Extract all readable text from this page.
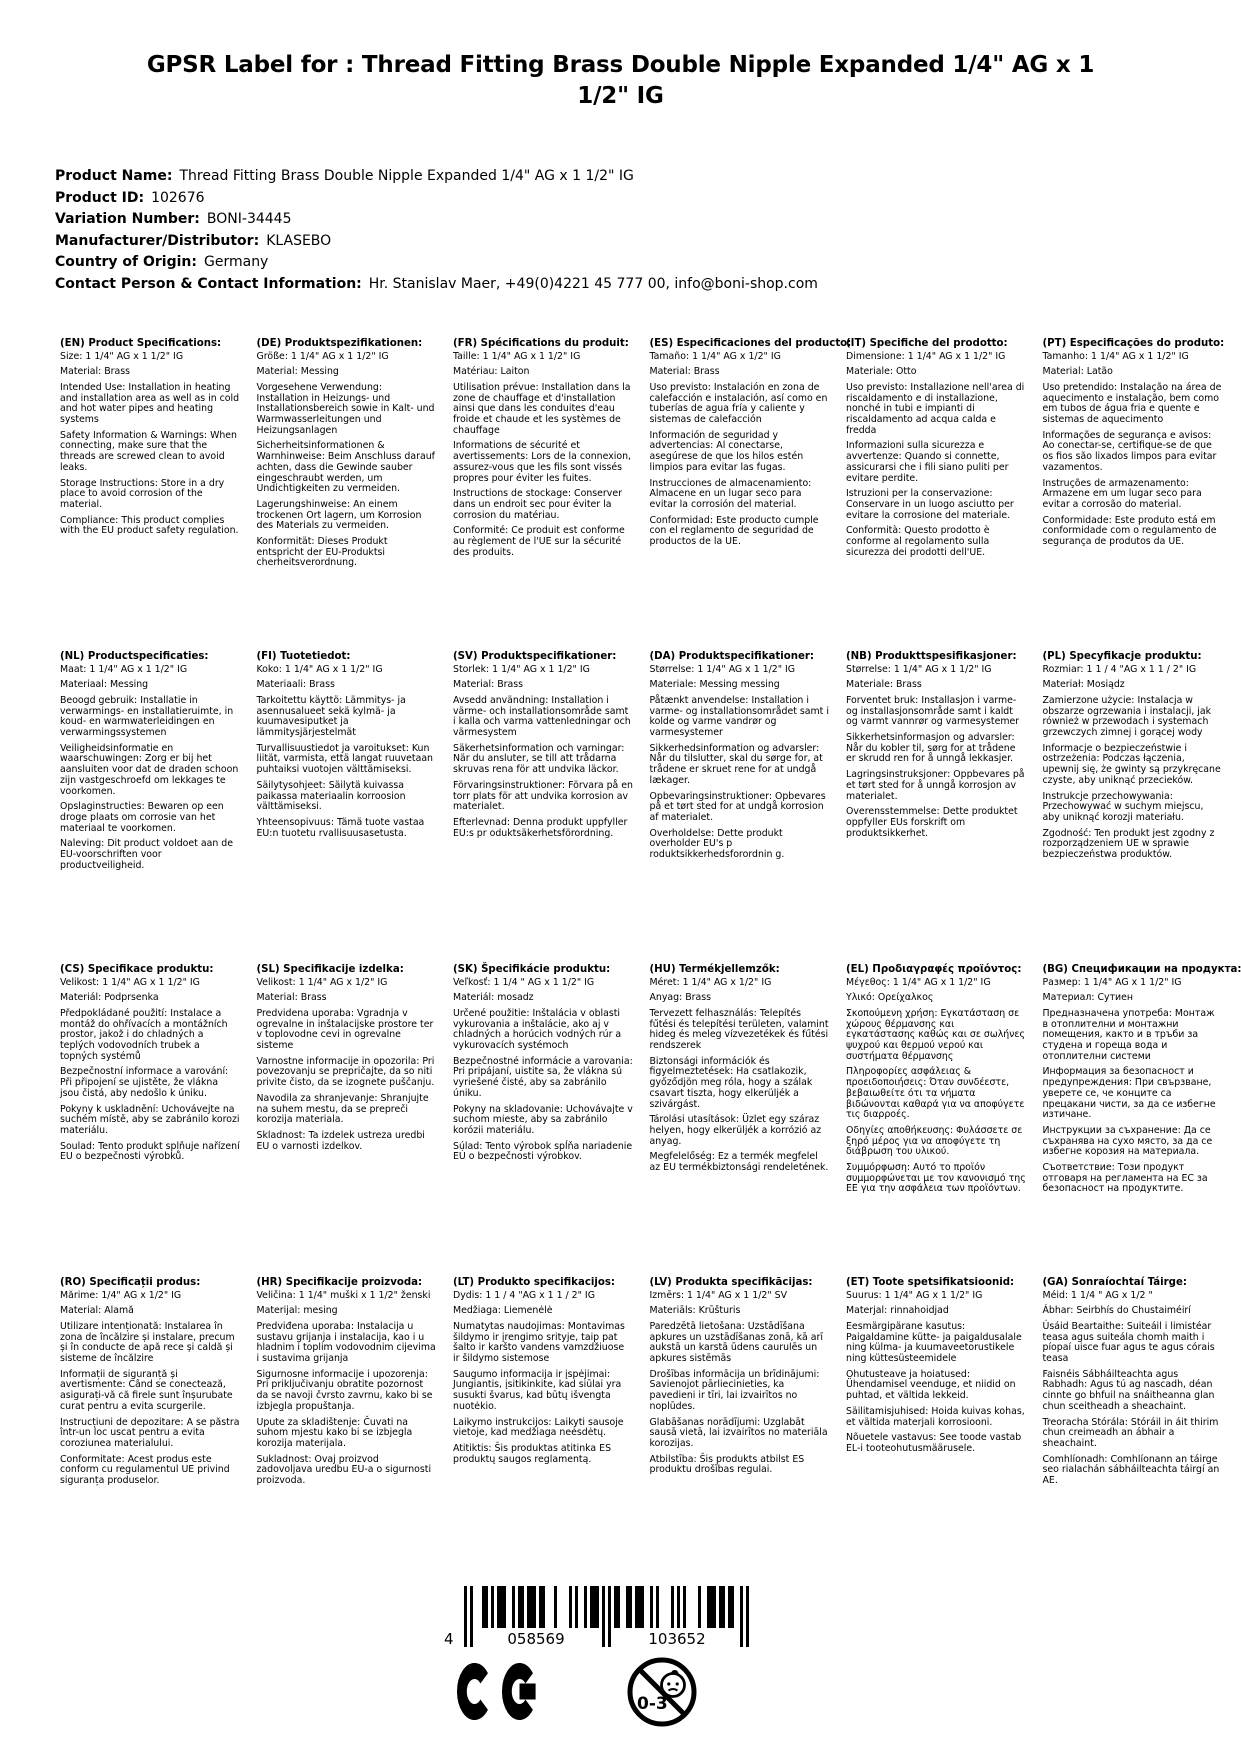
GPSR Label for : Thread Fitting Brass Double Nipple Expanded 1/4" AG x 1 1/2" IG
Product Name: Thread Fitting Brass Double Nipple Expanded 1/4" AG x 1 1/2" IG
Product ID: 102676
Variation Number: BONI-34445
Manufacturer/Distributor: KLASEBO
Country of Origin: Germany
Contact Person & Contact Information: Hr. Stanislav Maer, +49(0)4221 45 777 00, info@boni-shop.com
(EN) Product Specifications:

Size: 1 1/4" AG x 1 1/2" IG

Material: Brass

Intended Use: Installation in heating and installation area as well as in cold and hot water pipes and heating systems

Safety Information & Warnings: When connecting, make sure that the threads are screwed clean to avoid leaks.

Storage Instructions: Store in a dry place to avoid corrosion of the material.

Compliance: This product complies with the EU product safety regulation.

(DE) Produktspezifikationen:

Größe: 1 1/4" AG x 1 1/2" IG

Material: Messing

Vorgesehene Verwendung: Installation in Heizungs- und Installationsbereich sowie in Kalt- und Warmwasserleitungen und Heizungsanlagen

Sicherheitsinformationen & Warnhinweise: Beim Anschluss darauf achten, dass die Gewinde sauber eingeschraubt werden, um Undichtigkeiten zu vermeiden.

Lagerungshinweise: An einem trockenen Ort lagern, um Korrosion des Materials zu vermeiden.

Konformität: Dieses Produkt entspricht der EU-Produktsi cherheitsverordnung.

(FR) Spécifications du produit:

Taille: 1 1/4" AG x 1 1/2" IG

Matériau: Laiton

Utilisation prévue: Installation dans la zone de chauffage et d'installation ainsi que dans les conduites d'eau froide et chaude et les systèmes de chauffage

Informations de sécurité et avertissements: Lors de la connexion, assurez-vous que les fils sont vissés propres pour éviter les fuites.

Instructions de stockage: Conserver dans un endroit sec pour éviter la corrosion du matériau.

Conformité: Ce produit est conforme au règlement de l'UE sur la sécurité des produits.

(ES) Especificaciones del producto:

Tamaño: 1 1/4" AG x 1/2" IG

Material: Brass

Uso previsto: Instalación en zona de calefacción e instalación, así como en tuberías de agua fría y caliente y sistemas de calefacción

Información de seguridad y advertencias: Al conectarse, asegúrese de que los hilos estén limpios para evitar las fugas.

Instrucciones de almacenamiento: Almacene en un lugar seco para evitar la corrosión del material.

Conformidad: Este producto cumple con el reglamento de seguridad de productos de la UE.

(IT) Specifiche del prodotto:

Dimensione: 1 1/4" AG x 1 1/2" IG

Materiale: Otto

Uso previsto: Installazione nell'area di riscaldamento e di installazione, nonché in tubi e impianti di riscaldamento ad acqua calda e fredda

Informazioni sulla sicurezza e avvertenze: Quando si connette, assicurarsi che i fili siano puliti per evitare perdite.

Istruzioni per la conservazione: Conservare in un luogo asciutto per evitare la corrosione del materiale.

Conformità: Questo prodotto è conforme al regolamento sulla sicurezza dei prodotti dell'UE.

(PT) Especificações do produto:

Tamanho: 1 1/4" AG x 1 1/2" IG

Material: Latão

Uso pretendido: Instalação na área de aquecimento e instalação, bem como em tubos de água fria e quente e sistemas de aquecimento

Informações de segurança e avisos: Ao conectar-se, certifique-se de que os fios são lixados limpos para evitar vazamentos.

Instruções de armazenamento: Armazene em um lugar seco para evitar a corrosão do material.

Conformidade: Este produto está em conformidade com o regulamento de segurança de produtos da UE.

(NL) Productspecificaties:

Maat: 1 1/4" AG x 1 1/2" IG

Materiaal: Messing

Beoogd gebruik: Installatie in verwarmings- en installatieruimte, in koud- en warmwaterleidingen en verwarmingssystemen

Veiligheidsinformatie en waarschuwingen: Zorg er bij het aansluiten voor dat de draden schoon zijn vastgeschroefd om lekkages te voorkomen.

Opslaginstructies: Bewaren op een droge plaats om corrosie van het materiaal te voorkomen.

Naleving: Dit product voldoet aan de EU-voorschriften voor productveiligheid.

(FI) Tuotetiedot:

Koko: 1 1/4" AG x 1 1/2" IG

Materiaali: Brass

Tarkoitettu käyttö: Lämmitys- ja asennusalueet sekä kylmä- ja kuumavesiputket ja lämmitysjärjestelmät

Turvallisuustiedot ja varoitukset: Kun liität, varmista, että langat ruuvetaan puhtaiksi vuotojen välttämiseksi.

Säilytysohjeet: Säilytä kuivassa paikassa materiaalin korroosion välttämiseksi.

Yhteensopivuus: Tämä tuote vastaa EU:n tuotetu rvallisuusasetusta.

(SV) Produktspecifikationer:

Storlek: 1 1/4" AG x 1 1/2" IG

Material: Brass

Avsedd användning: Installation i värme- och installationsområde samt i kalla och varma vattenledningar och värmesystem

Säkerhetsinformation och varningar: När du ansluter, se till att trådarna skruvas rena för att undvika läckor.

Förvaringsinstruktioner: Förvara på en torr plats för att undvika korrosion av materialet.

Efterlevnad: Denna produkt uppfyller EU:s pr oduktsäkerhetsförordning.

(DA) Produktspecifikationer:

Størrelse: 1 1/4" AG x 1 1/2" IG

Materiale: Messing messing

Påtænkt anvendelse: Installation i varme- og installationsområdet samt i kolde og varme vandrør og varmesystemer

Sikkerhedsinformation og advarsler: Når du tilslutter, skal du sørge for, at trådene er skruet rene for at undgå lækager.

Opbevaringsinstruktioner: Opbevares på et tørt sted for at undgå korrosion af materialet.

Overholdelse: Dette produkt overholder EU's p roduktsikkerhedsforordnin g.

(NB) Produkttspesifikasjoner:

Størrelse: 1 1/4" AG x 1 1/2" IG

Materiale: Brass

Forventet bruk: Installasjon i varme- og installasjonsområde samt i kaldt og varmt vannrør og varmesystemer

Sikkerhetsinformasjon og advarsler: Når du kobler til, sørg for at trådene er skrudd ren for å unngå lekkasjer.

Lagringsinstruksjoner: Oppbevares på et tørt sted for å unngå korrosjon av materialet.

Overensstemmelse: Dette produktet oppfyller EUs forskrift om produktsikkerhet.

(PL) Specyfikacje produktu:

Rozmiar: 1 1 / 4 "AG x 1 1 / 2" IG

Materiał: Mosiądz

Zamierzone użycie: Instalacja w obszarze ogrzewania i instalacji, jak również w przewodach i systemach grzewczych zimnej i gorącej wody

Informacje o bezpieczeństwie i ostrzeżenia: Podczas łączenia, upewnij się, że gwinty są przykręcane czyste, aby uniknąć przecieków.

Instrukcje przechowywania: Przechowywać w suchym miejscu, aby uniknąć korozji materiału.

Zgodność: Ten produkt jest zgodny z rozporządzeniem UE w sprawie bezpieczeństwa produktów.

(CS) Specifikace produktu:

Velikost: 1 1/4" AG x 1 1/2" IG

Materiál: Podprsenka

Předpokládané použití: Instalace a montáž do ohřívacích a montážních prostor, jakož i do chladných a teplých vodovodních trubek a topných systémů

Bezpečnostní informace a varování: Při připojení se ujistěte, že vlákna jsou čistá, aby nedošlo k úniku.

Pokyny k uskladnění: Uchovávejte na suchém místě, aby se zabránilo korozi materiálu.

Soulad: Tento produkt splňuje nařízení EU o bezpečnosti výrobků.

(SL) Specifikacije izdelka:

Velikost: 1 1/4" AG x 1/2" IG

Material: Brass

Predvidena uporaba: Vgradnja v ogrevalne in inštalacijske prostore ter v toplovodne cevi in ogrevalne sisteme

Varnostne informacije in opozorila: Pri povezovanju se prepričajte, da so niti privite čisto, da se izognete puščanju.

Navodila za shranjevanje: Shranjujte na suhem mestu, da se prepreči korozija materiala.

Skladnost: Ta izdelek ustreza uredbi EU o varnosti izdelkov.

(SK) Špecifikácie produktu:

Veľkosť: 1 1/4 " AG x 1 1/2" IG

Materiál: mosadz

Určené použitie: Inštalácia v oblasti vykurovania a inštalácie, ako aj v chladných a horúcich vodných rúr a vykurovacích systémoch

Bezpečnostné informácie a varovania: Pri pripájaní, uistite sa, že vlákna sú vyriešené čisté, aby sa zabránilo úniku.

Pokyny na skladovanie: Uchovávajte v suchom mieste, aby sa zabránilo korózii materiálu.

Súlad: Tento výrobok spĺňa nariadenie EÚ o bezpečnosti výrobkov.

(HU) Termékjellemzők:

Méret: 1 1/4" AG x 1/2" IG

Anyag: Brass

Tervezett felhasználás: Telepítés fűtési és telepítési területen, valamint hideg és meleg vízvezetékek és fűtési rendszerek

Biztonsági információk és figyelmeztetések: Ha csatlakozik, győződjön meg róla, hogy a szálak csavart tiszta, hogy elkerüljék a szivárgást.

Tárolási utasítások: Üzlet egy száraz helyen, hogy elkerüljék a korrózió az anyag.

Megfelelőség: Ez a termék megfelel az EU termékbiztonsági rendeletének.

(EL) Προδιαγραφές προϊόντος:

Μέγεθος: 1 1/4" AG x 1 1/2" IG

Υλικό: Ορείχαλκος

Σκοπούμενη χρήση: Εγκατάσταση σε χώρους θέρμανσης και εγκατάστασης καθώς και σε σωλήνες ψυχρού και θερμού νερού και συστήματα θέρμανσης

Πληροφορίες ασφάλειας & προειδοποιήσεις: Όταν συνδέεστε, βεβαιωθείτε ότι τα νήματα βιδώνονται καθαρά για να αποφύγετε τις διαρροές.

Οδηγίες αποθήκευσης: Φυλάσσετε σε ξηρό μέρος για να αποφύγετε τη διάβρωση του υλικού.

Συμμόρφωση: Αυτό το προϊόν συμμορφώνεται με τον κανονισμό της ΕΕ για την ασφάλεια των προϊόντων.

(BG) Спецификации на продукта:

Размер: 1 1/4" AG x 1 1/2" IG

Материал: Сутиен

Предназначена употреба: Монтаж в отоплителни и монтажни помещения, както и в тръби за студена и гореща вода и отоплителни системи

Информация за безопасност и предупреждения: При свързване, уверете се, че конците са прецакани чисти, за да се избегне изтичане.

Инструкции за съхранение: Да се съхранява на сухо място, за да се избегне корозия на материала.

Съответствие: Този продукт отговаря на регламента на ЕС за безопасност на продуктите.

(RO) Specificații produs:

Mărime: 1/4" AG x 1/2" IG

Material: Alamă

Utilizare intenționată: Instalarea în zona de încălzire și instalare, precum și în conducte de apă rece și caldă și sisteme de încălzire

Informații de siguranță și avertismente: Când se conectează, asigurați-vă că firele sunt înșurubate curat pentru a evita scurgerile.

Instrucțiuni de depozitare: A se păstra într-un loc uscat pentru a evita coroziunea materialului.

Conformitate: Acest produs este conform cu regulamentul UE privind siguranța produselor.

(HR) Specifikacije proizvoda:

Veličina: 1 1/4" muški x 1 1/2" ženski

Materijal: mesing

Predviđena uporaba: Instalacija u sustavu grijanja i instalacija, kao i u hladnim i toplim vodovodnim cijevima i sustavima grijanja

Sigurnosne informacije i upozorenja: Pri priključivanju obratite pozornost da se navoji čvrsto zavrnu, kako bi se izbjegla propuštanja.

Upute za skladištenje: Čuvati na suhom mjestu kako bi se izbjegla korozija materijala.

Sukladnost: Ovaj proizvod zadovoljava uredbu EU-a o sigurnosti proizvoda.

(LT) Produkto specifikacijos:

Dydis: 1 1 / 4 "AG x 1 1 / 2" IG

Medžiaga: Liemenėlė

Numatytas naudojimas: Montavimas šildymo ir įrengimo srityje, taip pat šalto ir karšto vandens vamzdžiuose ir šildymo sistemose

Saugumo informacija ir įspėjimai: Jungiantis, įsitikinkite, kad siūlai yra susukti švarus, kad būtų išvengta nuotėkio.

Laikymo instrukcijos: Laikyti sausoje vietoje, kad medžiaga neėsdėtų.

Atitiktis: Šis produktas atitinka ES produktų saugos reglamentą.

(LV) Produkta specifikācijas:

Izmērs: 1 1/4" AG x 1 1/2" SV

Materiāls: Krūšturis

Paredzētā lietošana: Uzstādīšana apkures un uzstādīšanas zonā, kā arī aukstā un karstā ūdens caurulēs un apkures sistēmās

Drošības informācija un brīdinājumi: Savienojot pārliecinieties, ka pavedieni ir tīri, lai izvairītos no noplūdes.

Glabāšanas norādījumi: Uzglabāt sausā vietā, lai izvairītos no materiāla korozijas.

Atbilstība: Šis produkts atbilst ES produktu drošības regulai.

(ET) Toote spetsifikatsioonid:

Suurus: 1 1/4" AG x 1 1/2" IG

Materjal: rinnahoidjad

Eesmärgipärane kasutus: Paigaldamine kütte- ja paigaldusalale ning külma- ja kuumaveetorustikele ning küttesüsteemidele

Ohutusteave ja hoiatused: Ühendamisel veenduge, et niidid on puhtad, et vältida lekkeid.

Säilitamisjuhised: Hoida kuivas kohas, et vältida materjali korrosiooni.

Nõuetele vastavus: See toode vastab EL-i tooteohutusmäärusele.

(GA) Sonraíochtaí Táirge:

Méid: 1 1/4 " AG x 1/2 "

Ábhar: Seirbhís do Chustaiméirí

Úsáid Beartaithe: Suiteáil i limistéar teasa agus suiteála chomh maith i píopaí uisce fuar agus te agus córais teasa

Faisnéis Sábháilteachta agus Rabhadh: Agus tú ag nascadh, déan cinnte go bhfuil na snáitheanna glan chun sceitheadh a sheachaint.

Treoracha Stórála: Stóráil in áit thirim chun creimeadh an ábhair a sheachaint.

Comhlíonadh: Comhlíonann an táirge seo rialachán sábháilteachta táirgí an AE.

4	058569	103652
0-3
